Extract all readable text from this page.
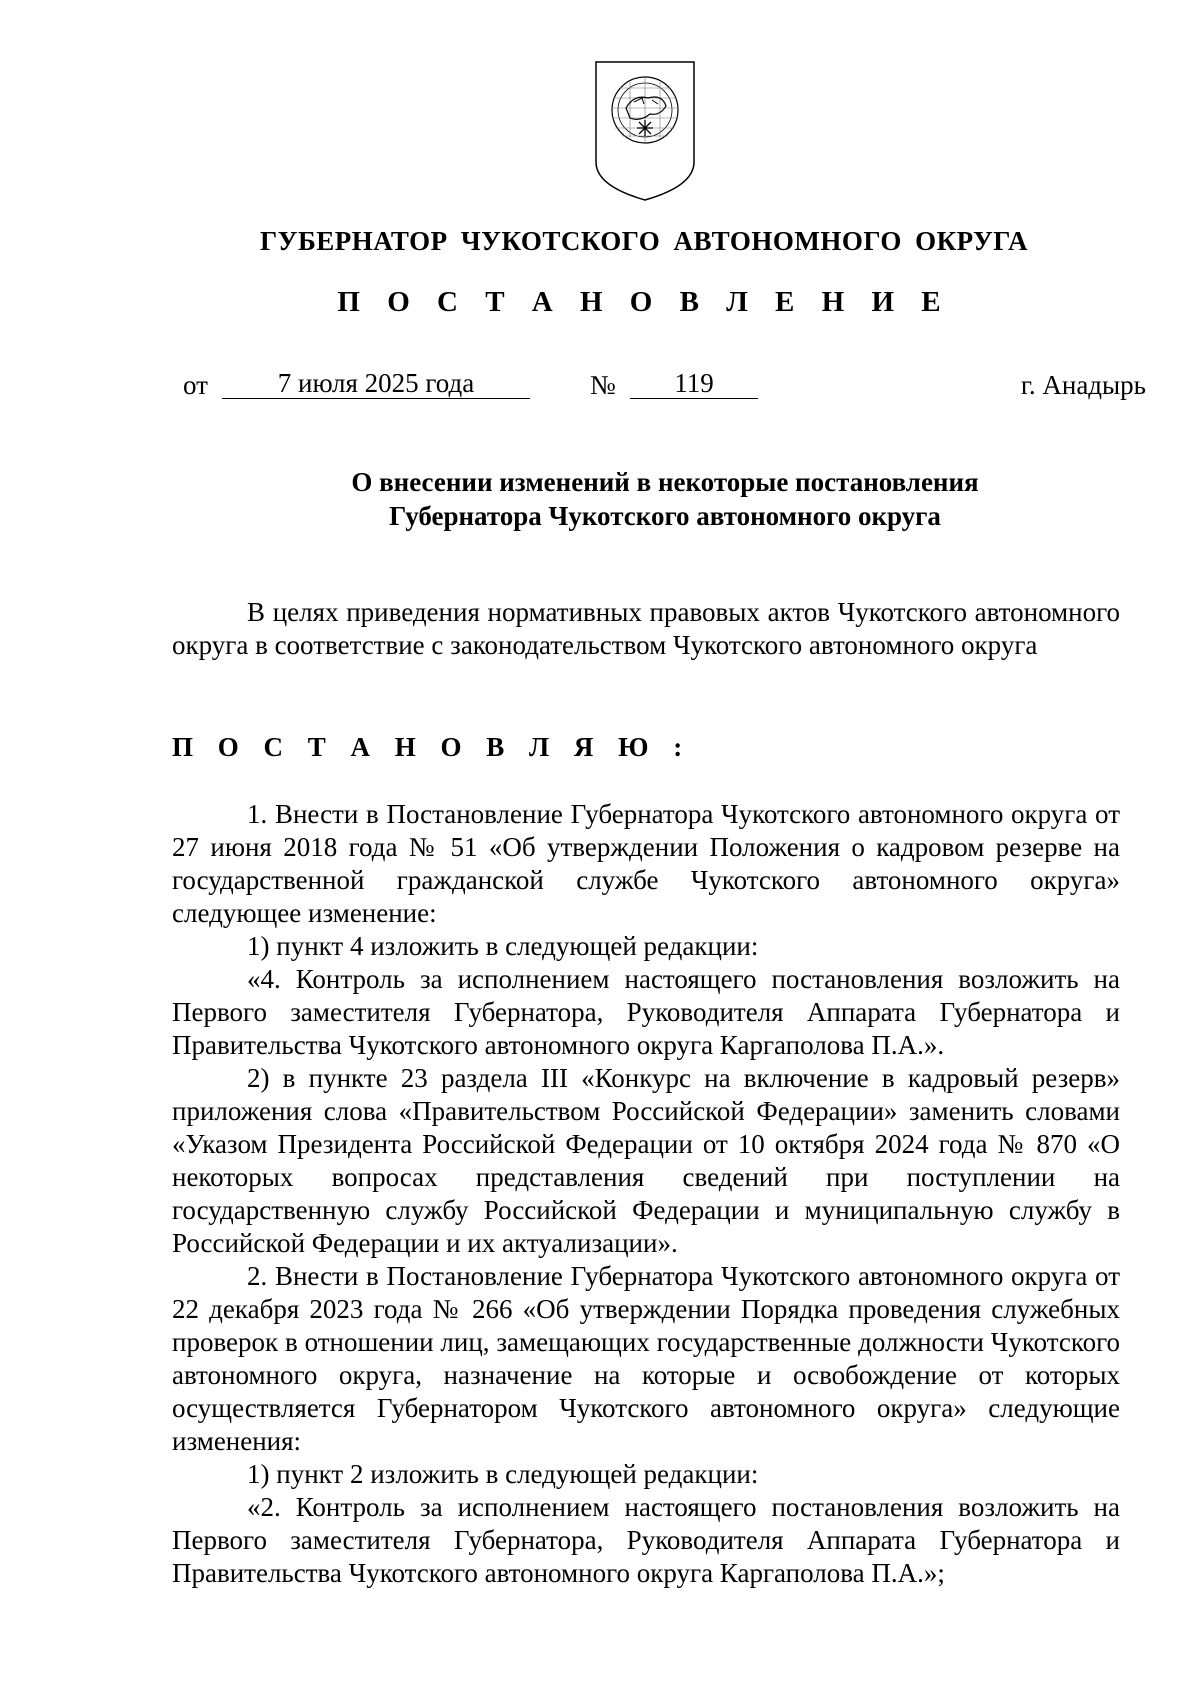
ГУБЕРНАТОР ЧУКОТСКОГО АВТОНОМНОГО ОКРУГА
П О С Т А Н О В Л Е Н И Е
от	7 июля 2025 года	№	119	г. Анадырь
О внесении изменений в некоторые постановления
Губернатора Чукотского автономного округа
В целях приведения нормативных правовых актов Чукотского автономного округа в соответствие с законодательством Чукотского автономного округа
П О С Т А Н О В Л Я Ю :

1. Внести в Постановление Губернатора Чукотского автономного округа от 27 июня 2018 года № 51 «Об утверждении Положения о кадровом резерве на государственной гражданской службе Чукотского автономного округа» следующее изменение:

1) пункт 4 изложить в следующей редакции:

«4. Контроль за исполнением настоящего постановления возложить на Первого заместителя Губернатора, Руководителя Аппарата Губернатора и Правительства Чукотского автономного округа Каргаполова П.А.».

2) в пункте 23 раздела III «Конкурс на включение в кадровый резерв» приложения слова «Правительством Российской Федерации» заменить словами «Указом Президента Российской Федерации от 10 октября 2024 года № 870 «О некоторых вопросах представления сведений при поступлении на государственную службу Российской Федерации и муниципальную службу в Российской Федерации и их актуализации».

2. Внести в Постановление Губернатора Чукотского автономного округа от 22 декабря 2023 года № 266 «Об утверждении Порядка проведения служебных проверок в отношении лиц, замещающих государственные должности Чукотского автономного округа, назначение на которые и освобождение от которых осуществляется Губернатором Чукотского автономного округа» следующие изменения:

1) пункт 2 изложить в следующей редакции:

«2. Контроль за исполнением настоящего постановления возложить на Первого заместителя Губернатора, Руководителя Аппарата Губернатора и Правительства Чукотского автономного округа Каргаполова П.А.»;
